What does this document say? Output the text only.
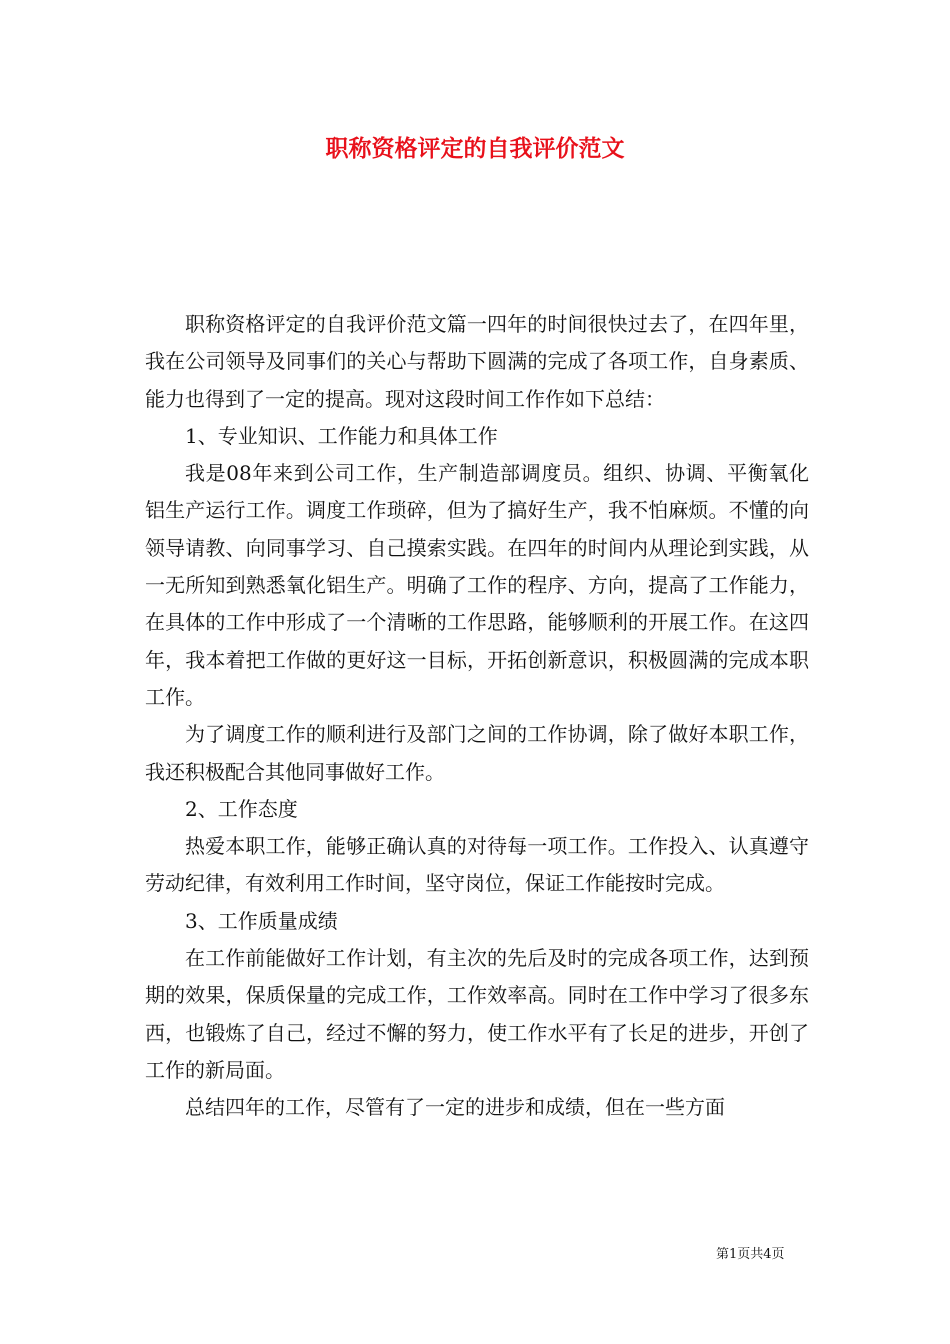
职称资格评定的自我评价范文

职称资格评定的自我评价范文篇一四年的时间很快过去了，在四年里，我在公司领导及同事们的关心与帮助下圆满的完成了各项工作，自身素质、能力也得到了一定的提高。现对这段时间工作作如下总结：

1、专业知识、工作能力和具体工作

我是08年来到公司工作，生产制造部调度员。组织、协调、平衡氧化铝生产运行工作。调度工作琐碎，但为了搞好生产，我不怕麻烦。不懂的向领导请教、向同事学习、自己摸索实践。在四年的时间内从理论到实践，从一无所知到熟悉氧化铝生产。明确了工作的程序、方向，提高了工作能力，在具体的工作中形成了一个清晰的工作思路，能够顺利的开展工作。在这四年，我本着把工作做的更好这一目标，开拓创新意识，积极圆满的完成本职工作。

为了调度工作的顺利进行及部门之间的工作协调，除了做好本职工作，我还积极配合其他同事做好工作。

2、工作态度

热爱本职工作，能够正确认真的对待每一项工作。工作投入、认真遵守劳动纪律，有效利用工作时间，坚守岗位，保证工作能按时完成。

3、工作质量成绩

在工作前能做好工作计划，有主次的先后及时的完成各项工作，达到预期的效果，保质保量的完成工作，工作效率高。同时在工作中学习了很多东西，也锻炼了自己，经过不懈的努力，使工作水平有了长足的进步，开创了工作的新局面。

总结四年的工作，尽管有了一定的进步和成绩，但在一些方面

第1页共4页
